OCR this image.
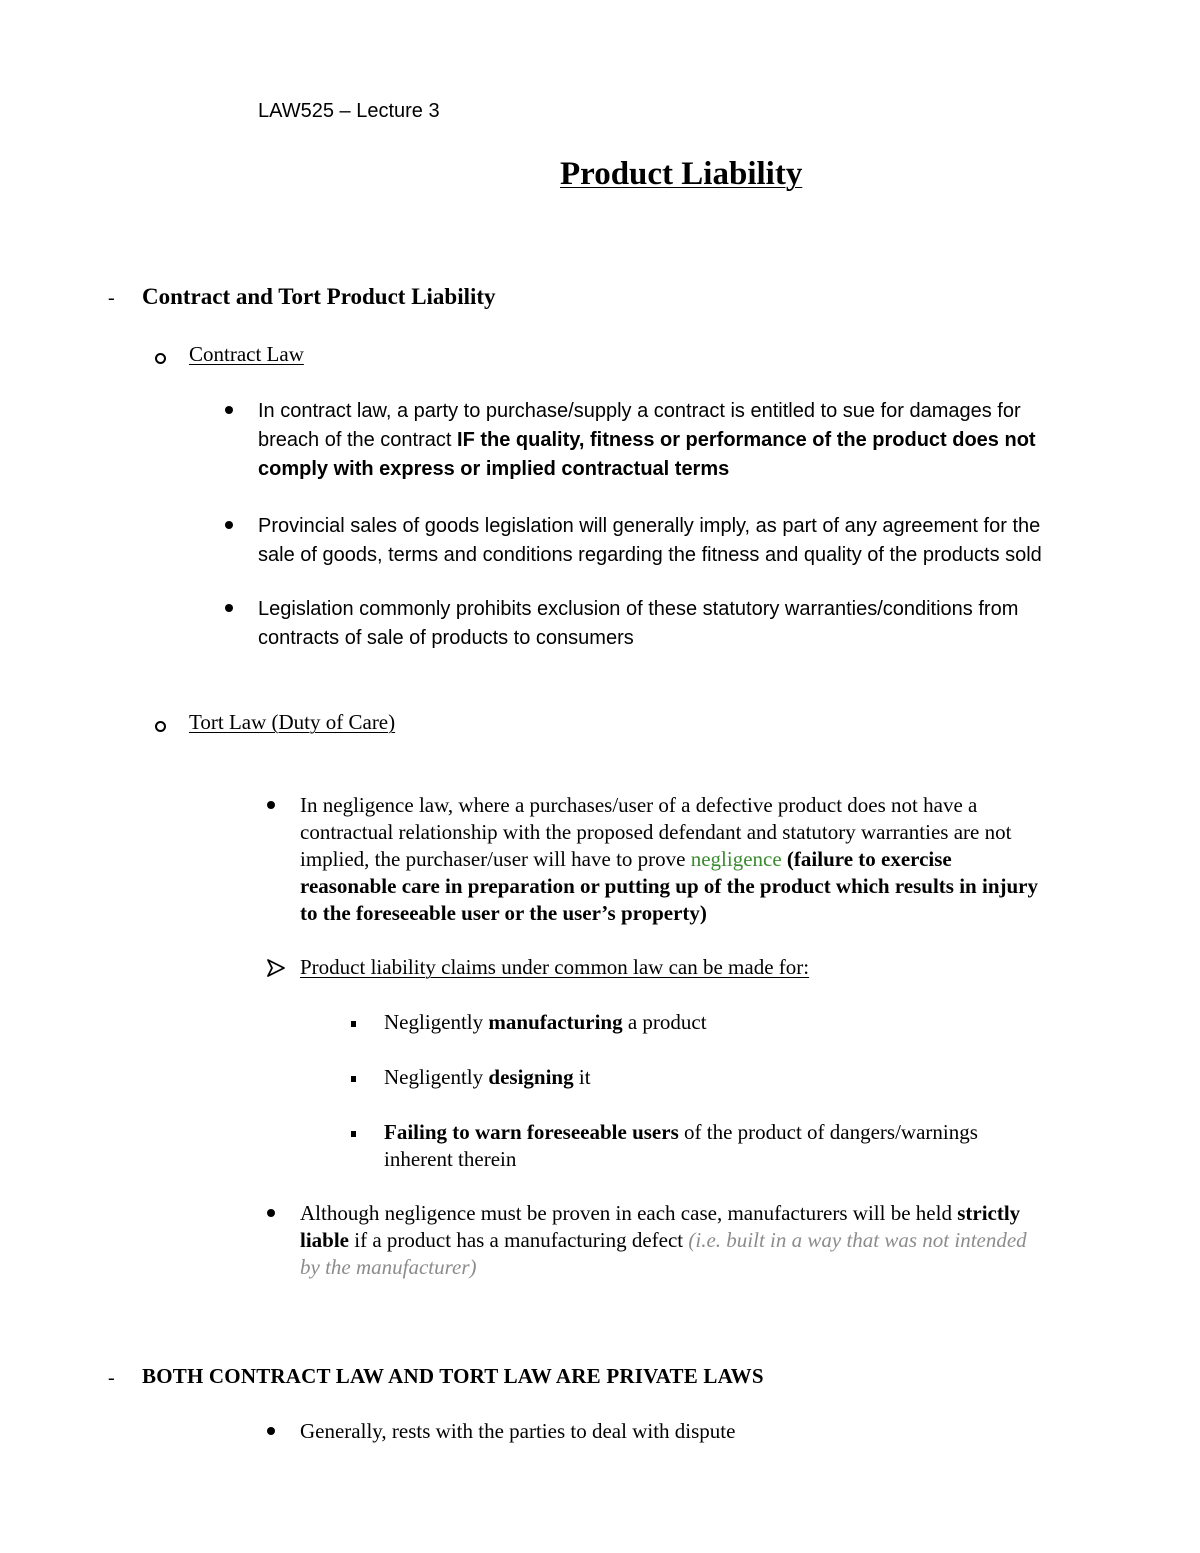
LAW525 – Lecture 3
Product Liability
- Contract and Tort Product Liability
Contract Law
In contract law, a party to purchase/supply a contract is entitled to sue for damages for
breach of the contract IF the quality, fitness or performance of the product does not
comply with express or implied contractual terms
Provincial sales of goods legislation will generally imply, as part of any agreement for the
sale of goods, terms and conditions regarding the fitness and quality of the products sold
Legislation commonly prohibits exclusion of these statutory warranties/conditions from
contracts of sale of products to consumers
Tort Law (Duty of Care)
In negligence law, where a purchases/user of a defective product does not have a
contractual relationship with the proposed defendant and statutory warranties are not
implied, the purchaser/user will have to prove negligence (failure to exercise
reasonable care in preparation or putting up of the product which results in injury
to the foreseeable user or the user’s property)
Product liability claims under common law can be made for:
Negligently manufacturing a product
Negligently designing it
Failing to warn foreseeable users of the product of dangers/warnings
inherent therein
Although negligence must be proven in each case, manufacturers will be held strictly
liable if a product has a manufacturing defect (i.e. built in a way that was not intended
by the manufacturer)
- BOTH CONTRACT LAW AND TORT LAW ARE PRIVATE LAWS
Generally, rests with the parties to deal with dispute
